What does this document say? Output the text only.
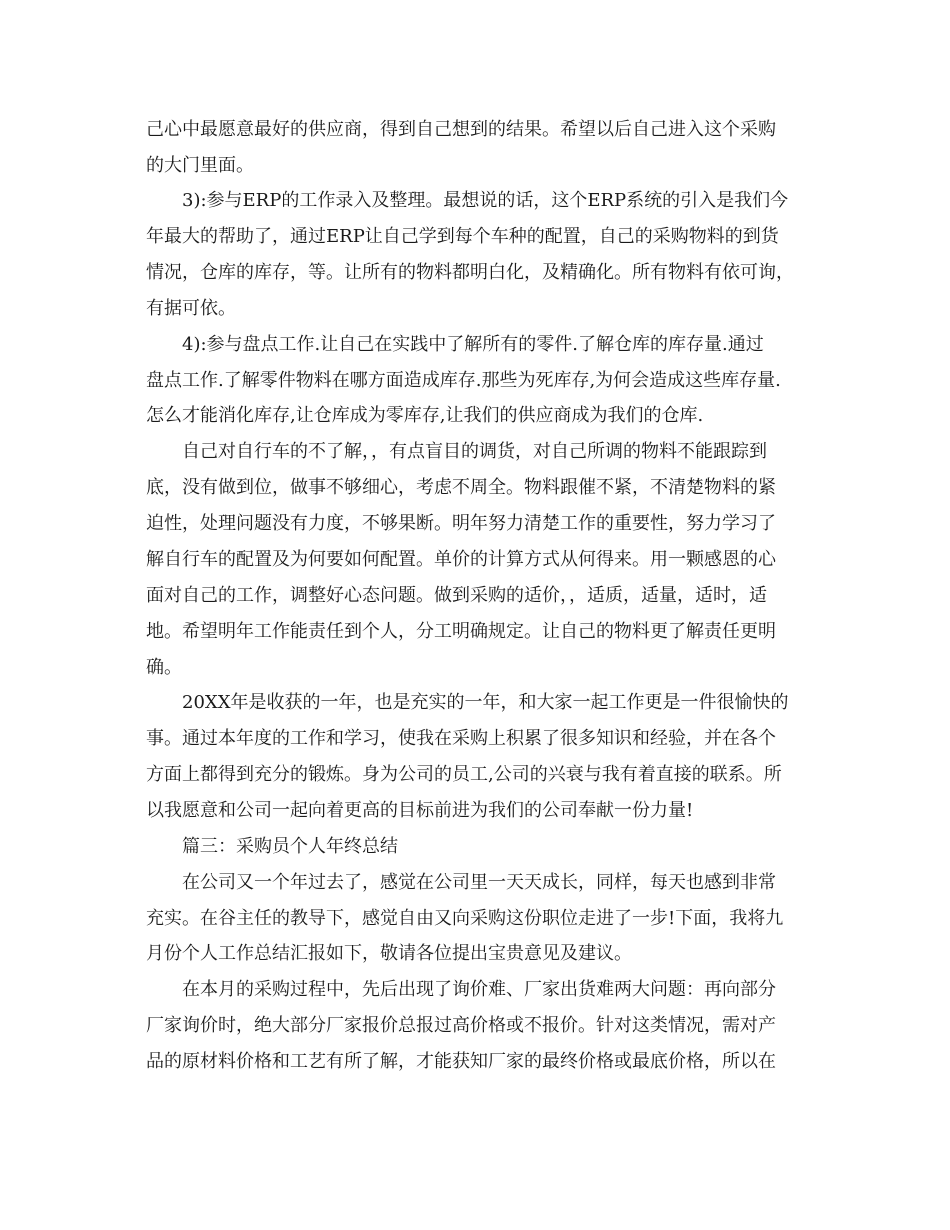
己心中最愿意最好的供应商，得到自己想到的结果。希望以后自己进入这个采购
的大门里面。
3):参与ERP的工作录入及整理。最想说的话，这个ERP系统的引入是我们今
年最大的帮助了，通过ERP让自己学到每个车种的配置，自己的采购物料的到货
情况，仓库的库存，等。让所有的物料都明白化，及精确化。所有物料有依可询，
有据可依。
4):参与盘点工作.让自己在实践中了解所有的零件.了解仓库的库存量.通过
盘点工作.了解零件物料在哪方面造成库存.那些为死库存,为何会造成这些库存量.
怎么才能消化库存,让仓库成为零库存,让我们的供应商成为我们的仓库.
自己对自行车的不了解，，有点盲目的调货，对自己所调的物料不能跟踪到
底，没有做到位，做事不够细心，考虑不周全。物料跟催不紧，不清楚物料的紧
迫性，处理问题没有力度，不够果断。明年努力清楚工作的重要性，努力学习了
解自行车的配置及为何要如何配置。单价的计算方式从何得来。用一颗感恩的心
面对自己的工作，调整好心态问题。做到采购的适价，，适质，适量，适时，适
地。希望明年工作能责任到个人，分工明确规定。让自己的物料更了解责任更明
确。
20XX年是收获的一年，也是充实的一年，和大家一起工作更是一件很愉快的
事。通过本年度的工作和学习，使我在采购上积累了很多知识和经验，并在各个
方面上都得到充分的锻炼。身为公司的员工,公司的兴衰与我有着直接的联系。所
以我愿意和公司一起向着更高的目标前进为我们的公司奉献一份力量!
篇三：采购员个人年终总结
在公司又一个年过去了，感觉在公司里一天天成长，同样，每天也感到非常
充实。在谷主任的教导下，感觉自由又向采购这份职位走进了一步!下面，我将九
月份个人工作总结汇报如下，敬请各位提出宝贵意见及建议。
在本月的采购过程中，先后出现了询价难、厂家出货难两大问题：再向部分
厂家询价时，绝大部分厂家报价总报过高价格或不报价。针对这类情况，需对产
品的原材料价格和工艺有所了解，才能获知厂家的最终价格或最底价格，所以在
